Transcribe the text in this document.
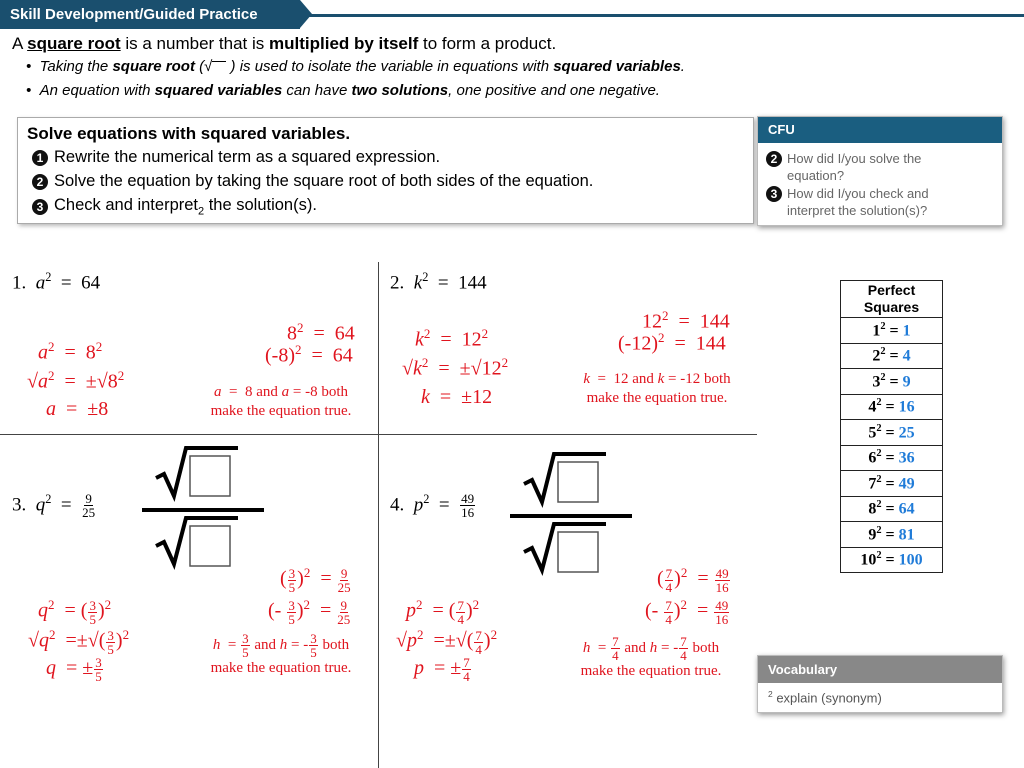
Skill Development/Guided Practice
A square root is a number that is multiplied by itself to form a product.
•  Taking the square root (√ ) is used to isolate the variable in equations with squared variables.
•  An equation with squared variables can have two solutions, one positive and one negative.
Solve equations with squared variables.
1 Rewrite the numerical term as a squared expression.
2 Solve the equation by taking the square root of both sides of the equation.
3 Check and interpret$_2$ the solution(s).
CFU
2 How did I/you solve the equation?
3 How did I/you check and interpret the solution(s)?
1. $a^2 = 64$
$8^2 = 64$
$(-8)^2 = 64$
$a^2 = 8^2$
$√a^2 = \pm√8^2$
a  =  ±8
a  =  8 and a = -8 both
make the equation true.
2. $k^2 = 144$
$12^2 = 144$
$(-12)^2 = 144$
$k^2 = 12^2$
$√k^2 = \pm√12^2$
k  =  ±12
k  =  12 and k = -12 both
make the equation true.
3. $q^2 = \frac{9}{25}$
( $\frac{3}{5} )^2 = \frac{9}{25}$
(- $\frac{3}{5} )^2 = \frac{9}{25}$
$q^2$  = ( $\frac{3}{5} )^2$
$√q^2$  =±√( $\frac{3}{5} )^2$
q  = ± $\frac{3}{5}$
$h = \frac{3}{5}$ and h = - $\frac{3}{5}$ both
make the equation true.
4. $p^2 = \frac{49}{16}$
( $\frac{7}{4} )^2 = \frac{49}{16}$
(- $\frac{7}{4} )^2 = \frac{49}{16}$
$p^2$  = ( $\frac{7}{4} )^2$
$√p^2$  =±√( $\frac{7}{4} )^2$
p  = ± $\frac{7}{4}$
$h = \frac{7}{4}$ and h = - $\frac{7}{4}$ both
make the equation true.
Perfect
Squares
$1^2 = 1$
$2^2 = 4$
$3^2 = 9$
$4^2 = 16$
$5^2 = 25$
$6^2 = 36$
$7^2 = 49$
$8^2 = 64$
$9^2 = 81$
$10^2 = 100$
Vocabulary
$^2$ explain (synonym)
